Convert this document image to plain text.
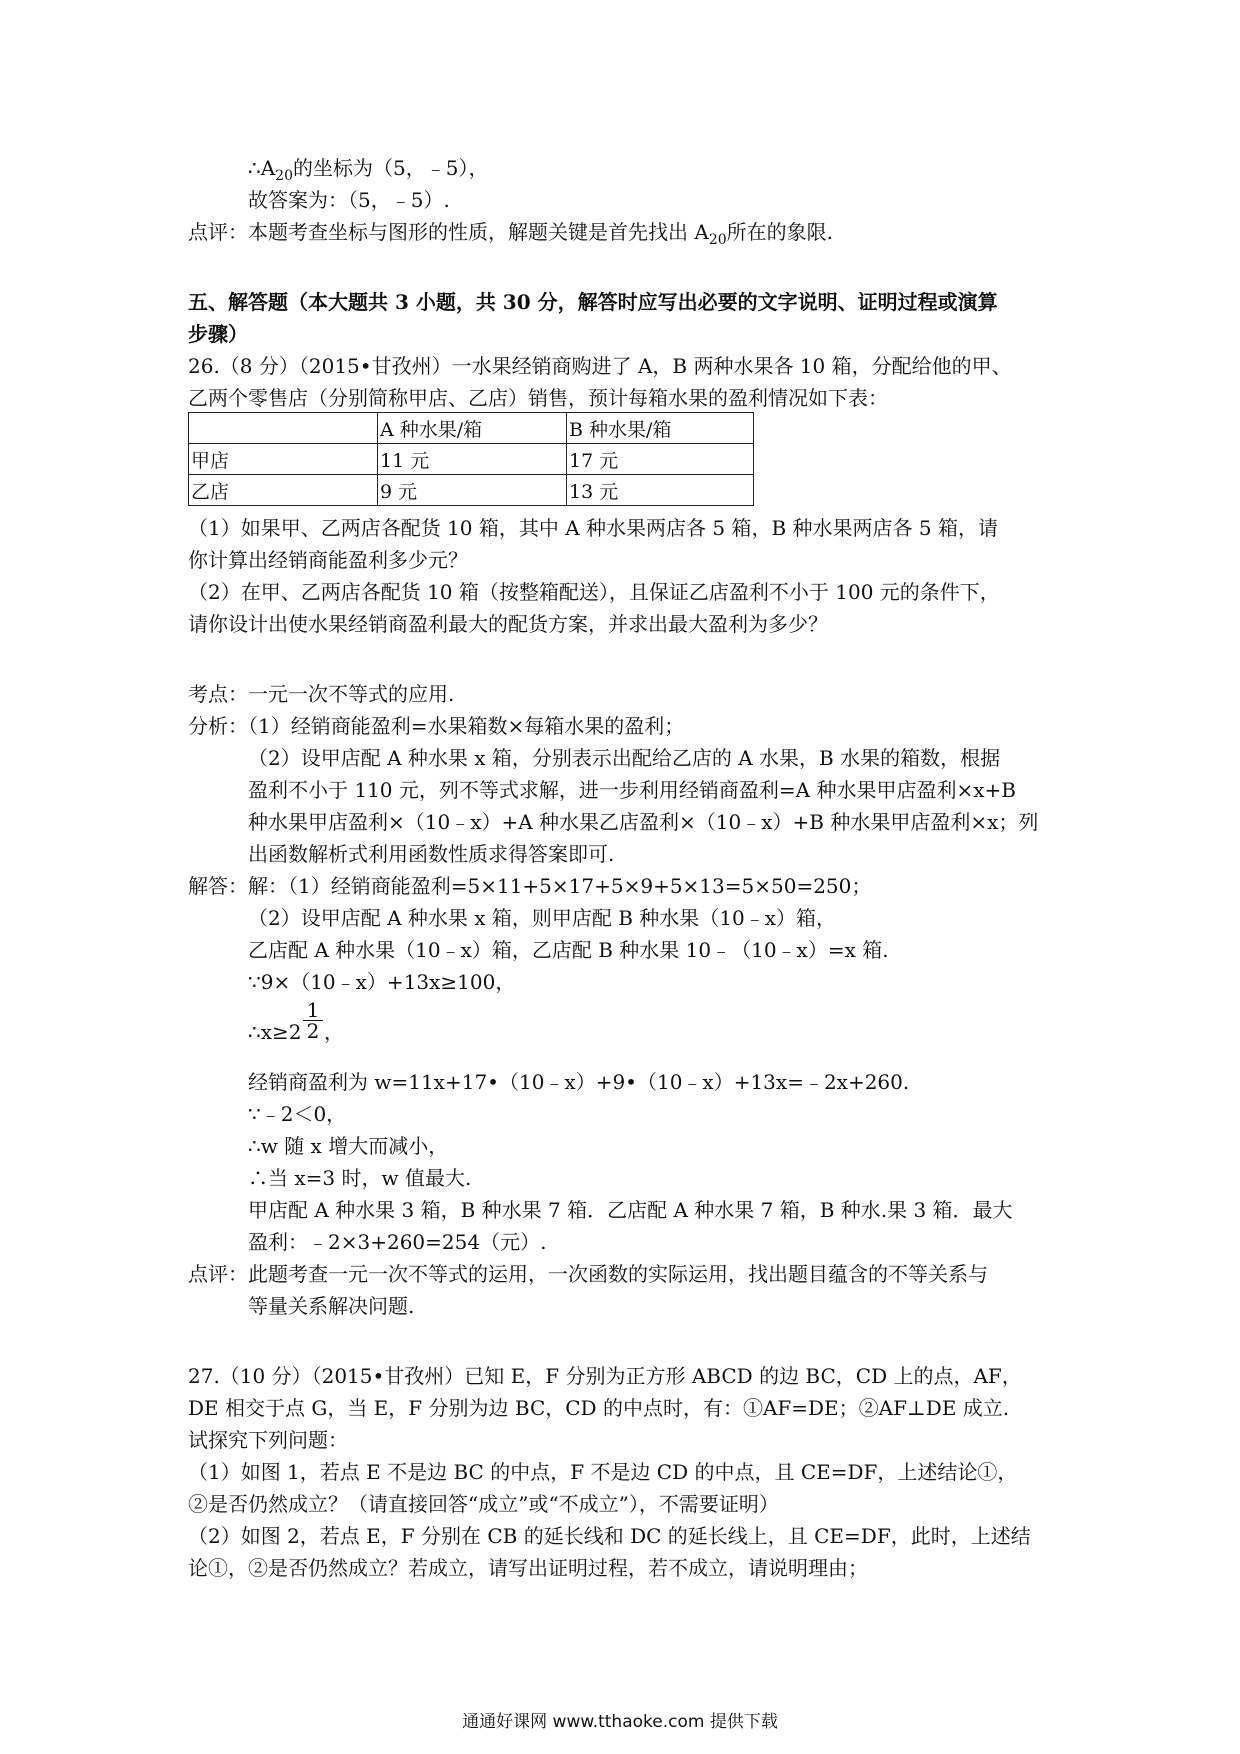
$\therefore A_{20}$的坐标为（5，﹣5），
故答案为：（5，﹣5）.
点评：本题考查坐标与图形的性质，解题关键是首先找出 $A_{20}$所在的象限.
五、解答题（本大题共 3 小题，共 30 分，解答时应写出必要的文字说明、证明过程或演算
步骤）
26.（8 分）（2015•甘孜州）一水果经销商购进了 A，B 两种水果各 10 箱，分配给他的甲、
乙两个零售店（分别简称甲店、乙店）销售，预计每箱水果的盈利情况如下表：
	A 种水果/箱	B 种水果/箱
甲店	11 元	17 元
乙店	9 元	13 元
（1）如果甲、乙两店各配货 10 箱，其中 A 种水果两店各 5 箱，B 种水果两店各 5 箱，请
你计算出经销商能盈利多少元？
（2）在甲、乙两店各配货 10 箱（按整箱配送），且保证乙店盈利不小于 100 元的条件下，
请你设计出使水果经销商盈利最大的配货方案，并求出最大盈利为多少？
考点：一元一次不等式的应用.
分析：（1）经销商能盈利=水果箱数×每箱水果的盈利；
（2）设甲店配 A 种水果 x 箱，分别表示出配给乙店的 A 水果，B 水果的箱数，根据
盈利不小于 110 元，列不等式求解，进一步利用经销商盈利=A 种水果甲店盈利×x+B
种水果甲店盈利×（10﹣x）+A 种水果乙店盈利×（10﹣x）+B 种水果甲店盈利×x；列
出函数解析式利用函数性质求得答案即可.
解答：解：（1）经销商能盈利=5×11+5×17+5×9+5×13=5×50=250；
（2）设甲店配 A 种水果 x 箱，则甲店配 B 种水果（10﹣x）箱，
乙店配 A 种水果（10﹣x）箱，乙店配 B 种水果 10﹣（10﹣x）=x 箱.
∵9×（10﹣x）+13x≥100，
∴x≥2 $\frac{1}{2}$ ，
经销商盈利为 w=11x+17•（10﹣x）+9•（10﹣x）+13x=﹣2x+260.
∵﹣2＜0，
∴w 随 x 增大而减小，
∴当 x=3 时，w 值最大.
甲店配 A 种水果 3 箱，B 种水果 7 箱．乙店配 A 种水果 7 箱，B 种水.果 3 箱．最大
盈利：﹣2×3+260=254（元）.
点评：此题考查一元一次不等式的运用，一次函数的实际运用，找出题目蕴含的不等关系与
等量关系解决问题.
27.（10 分）（2015•甘孜州）已知 E，F 分别为正方形 ABCD 的边 BC，CD 上的点，AF，
DE 相交于点 G，当 E，F 分别为边 BC，CD 的中点时，有：①AF=DE；②AF⊥DE 成立.
试探究下列问题：
（1）如图 1，若点 E 不是边 BC 的中点，F 不是边 CD 的中点，且 CE=DF，上述结论①，
②是否仍然成立？（请直接回答“成立”或“不成立”），不需要证明）
（2）如图 2，若点 E，F 分别在 CB 的延长线和 DC 的延长线上，且 CE=DF，此时，上述结
论①，②是否仍然成立？若成立，请写出证明过程，若不成立，请说明理由；
通通好课网 www.tthaoke.com 提供下载
